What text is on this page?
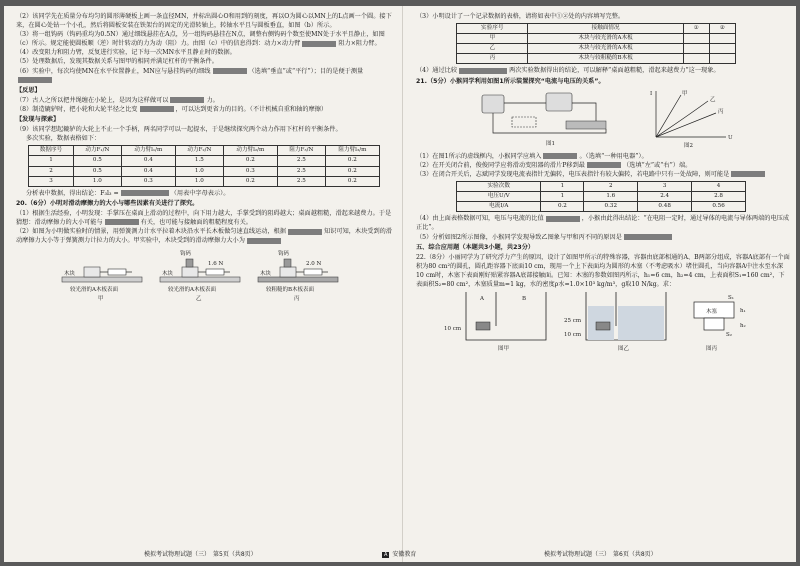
（2）该同学先在质量分布均匀的圆形薄硬板上画一条直径MN，并标出圆心O和用到的刻度，再以O为圆心以MN上的L点画一个圆。接下来，在圆心处钻一个小孔，然后将圆板安装在铁架台的固定的光滑转轴上，转轴水平且与圆板垂直，如图（b）所示。

（3）将一组钩码（钩码重均为0.5N）通过细线悬挂在A点，另一组钩码悬挂在N点，调整右侧钩码个数至使MN处于水平且静止，如图（c）所示。规定能使圆板顺（逆）时针转动的力为动（阻）力。由图（c）中的信息得到：动力×动力臂	阻力×阻力臂。

（4）改变阻力和阻力臂，反复进行实验，记下每一次MN水平且静止时的数据。

（5）处理数据后，发现其数据关系与图甲的相同并满足杠杆的平衡条件。

（6）实验中，每次均使MN在水平位置静止，MN应与悬挂钩码的细线	（选填“垂直”或“平行”）；目的是便于测量

【反思】

（7）古人之所以把井绳缠在小轮上，是因为这样做可以	力。

（8）制造辘轳时，把小轮和大轮半径之比变	，可以达到更省力的目的。（不计机械自重和轴的摩擦）

【发现与探索】

（9）该同学想起辘轳的大轮上不止一个手柄，两名同学可以一起提水，于是继续探究两个动力作用下杠杆的平衡条件。

多次实验，数据表格如下：

数据序号	动力F₁/N	动力臂l₁/m	动力F₂/N	动力臂l₂/m	阻力F₃/N	阻力臂l₃/m
1	0.5	0.4	1.5	0.2	2.5	0.2
2	0.5	0.4	1.0	0.3	2.5	0.2
3	1.0	0.3	1.0	0.2	2.5	0.2

分析表中数据，得出结论：F₃l₃ =	（用表中字母表示）。

20.（6分）小明对滑动摩擦力的大小与哪些因素有关进行了探究。

（1）根据生活经验，小明发现：手掌压在桌面上滑动的过程中，向下用力越大，手掌受到的阻碍越大；桌面越粗糙，滑起来越费力。于是猜想：滑动摩擦力的大小可能与	有关，也可能与接触面的粗糙程度有关。

（2）如图为小明做实验时的情景，用弹簧测力计水平拉着木块沿水平长木板做匀速直线运动，根据	知识可知，木块受到的滑动摩擦力大小等于弹簧测力计拉力的大小。甲实验中，木块受到的滑动摩擦力大小为

木块
较光滑的A木板表面
甲
钩码
1.6 N
木块
较光滑的A木板表面
乙
钩码
2.0 N
木块
较粗糙的B木板表面
丙
模拟考试物理试题（三）　第5页（共8页）	A 安徽教育

（3）小明设计了一个记录数据的表格，请将如表中①②处的内容填写完整。

实验序号	接触面情况	①	②
甲	木块与较光滑的A木板		
乙	木块与较光滑的A木板		
丙	木块与较粗糙的B木板		

（4）通过比较	两次实验数据得出的结论，可以解释“桌面越粗糙，滑起来越费力”这一现象。

21.（5分）小猴同学利用如图1所示装置探究“电流与电压的关系”。

图1
I
U
甲
乙
丙
图2

（1）在图1所示的虚线框内，小猴同学应填入	。（选填“一种用电器”）。

（2）在开关闭合前，俊俊同学应将滑动变阻器的滑片P移到最	（选填“左”或“右”）端。

（3）在闭合开关后，志斌同学发现电流表指针无偏转，电压表指针有较大偏转，若电路中只有一处故障，则可能是

实验次数	1	2	3	4
电压U/V	1	1.6	2.4	2.8
电流I/A	0.2	0.32	0.48	0.56

（4）由上面表格数据可知，电压与电流的比值	，小猴由此得出结论：“在电阻一定时，通过导体的电流与导体两端的电压成正比”。

（5）分析如图2所示图像，小猴同学发现导致乙图象与甲和丙不同的原因是

五、综合应用题（本题共3小题，共23分）

22.（8分）小丽同学为了研究浮力产生的原因，设计了如图甲所示的特殊容器，容器由底部相通的A、B两部分组成，容器A底部有一个面积为80 cm²的圆孔，圆孔距容器下底面10 cm，现用一个上下表面均为圆形的木塞（不考虑吸水）堵住圆孔，当向容器A中注水至水深10 cm时，木塞下表面刚好贴紧容器A底部接触面。已知：木塞的参数如图丙所示，h₁=6 cm，h₂=4 cm，上表面积S₁=160 cm²，下表面积S₂=80 cm²，木塞质量m=1 kg，水的密度ρ水=1.0×10³ kg/m³，g取10 N/kg。求：

A	B
10 cm
图甲
25 cm
10 cm
图乙
木塞
S₁
S₂
h₁
h₂
图丙
模拟考试物理试题（三）　第6页（共8页）
